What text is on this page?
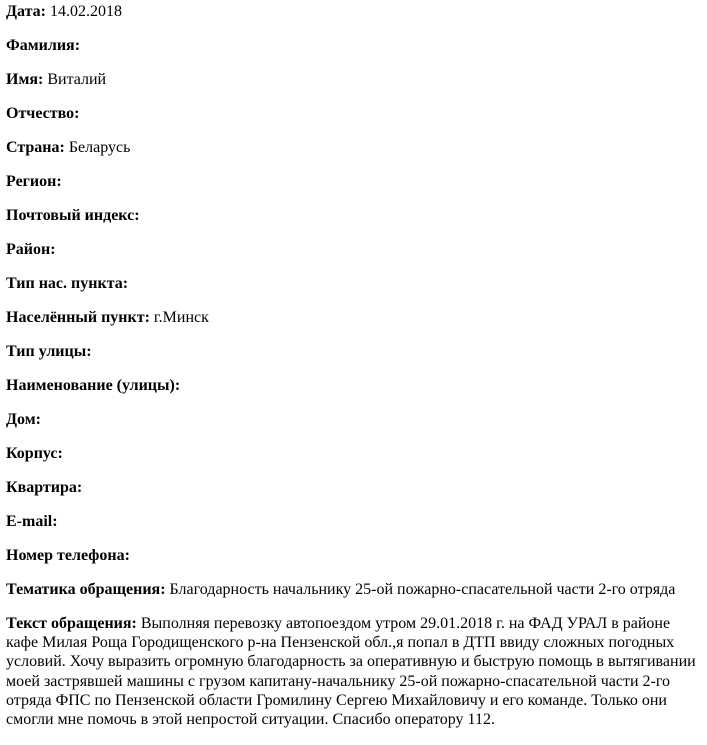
Дата: 14.02.2018

Фамилия:

Имя: Виталий

Отчество:

Страна: Беларусь

Регион:

Почтовый индекс:

Район:

Тип нас. пункта:

Населённый пункт: г.Минск

Тип улицы:

Наименование (улицы):

Дом:

Корпус:

Квартира:

E-mail:

Номер телефона:

Тематика обращения: Благодарность начальнику 25-ой пожарно-спасательной части 2-го отряда

Текст обращения: Выполняя перевозку автопоездом утром 29.01.2018 г. на ФАД УРАЛ в районе кафе Милая Роща Городищенского р-на Пензенской обл.,я попал в ДТП ввиду сложных погодных условий. Хочу выразить огромную благодарность за оперативную и быструю помощь в вытягивании моей застрявшей машины с грузом капитану-начальнику 25-ой пожарно-спасательной части 2-го отряда ФПС по Пензенской области Громилину Сергею Михайловичу и его команде. Только они смогли мне помочь в этой непростой ситуации. Спасибо оператору 112.
